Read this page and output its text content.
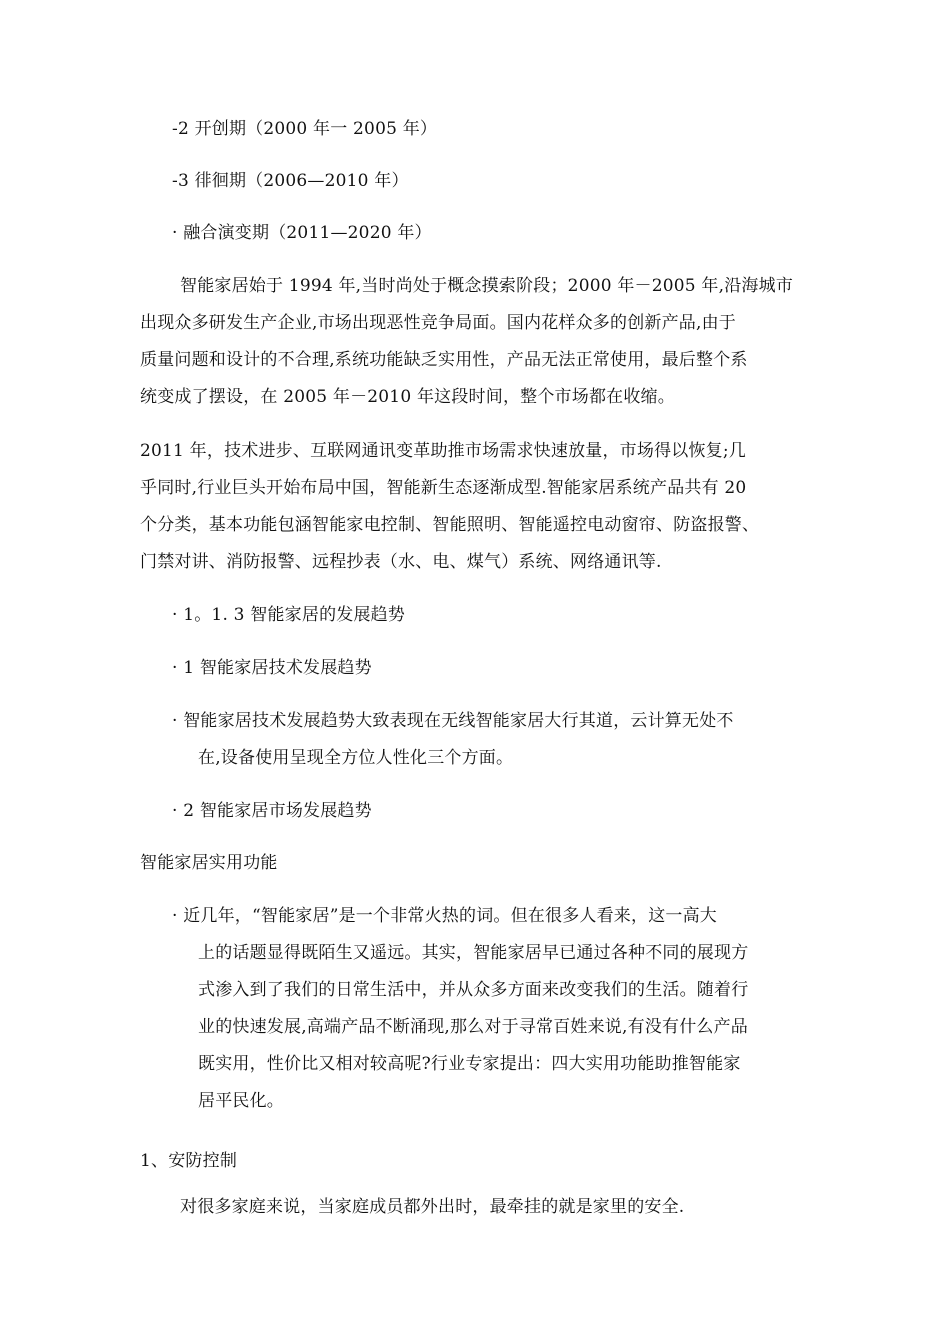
-2 开创期（2000 年一 2005 年）
-3 徘徊期（2006—2010 年）
· 融合演变期（2011—2020 年）
智能家居始于 1994 年,当时尚处于概念摸索阶段；2000 年－2005 年,沿海城市
出现众多研发生产企业,市场出现恶性竞争局面。国内花样众多的创新产品,由于
质量问题和设计的不合理,系统功能缺乏实用性，产品无法正常使用，最后整个系
统变成了摆设，在 2005 年－2010 年这段时间，整个市场都在收缩。
2011 年，技术进步、互联网通讯变革助推市场需求快速放量，市场得以恢复;几
乎同时,行业巨头开始布局中国，智能新生态逐渐成型.智能家居系统产品共有 20
个分类，基本功能包涵智能家电控制、智能照明、智能遥控电动窗帘、防盗报警、
门禁对讲、消防报警、远程抄表（水、电、煤气）系统、网络通讯等.
· 1。1. 3 智能家居的发展趋势
· 1 智能家居技术发展趋势
· 智能家居技术发展趋势大致表现在无线智能家居大行其道，云计算无处不
在,设备使用呈现全方位人性化三个方面。
· 2 智能家居市场发展趋势
智能家居实用功能
· 近几年，“智能家居”是一个非常火热的词。但在很多人看来，这一高大
上的话题显得既陌生又遥远。其实，智能家居早已通过各种不同的展现方
式渗入到了我们的日常生活中，并从众多方面来改变我们的生活。随着行
业的快速发展,高端产品不断涌现,那么对于寻常百姓来说,有没有什么产品
既实用，性价比又相对较高呢?行业专家提出：四大实用功能助推智能家
居平民化。
1、安防控制
对很多家庭来说，当家庭成员都外出时，最牵挂的就是家里的安全.
